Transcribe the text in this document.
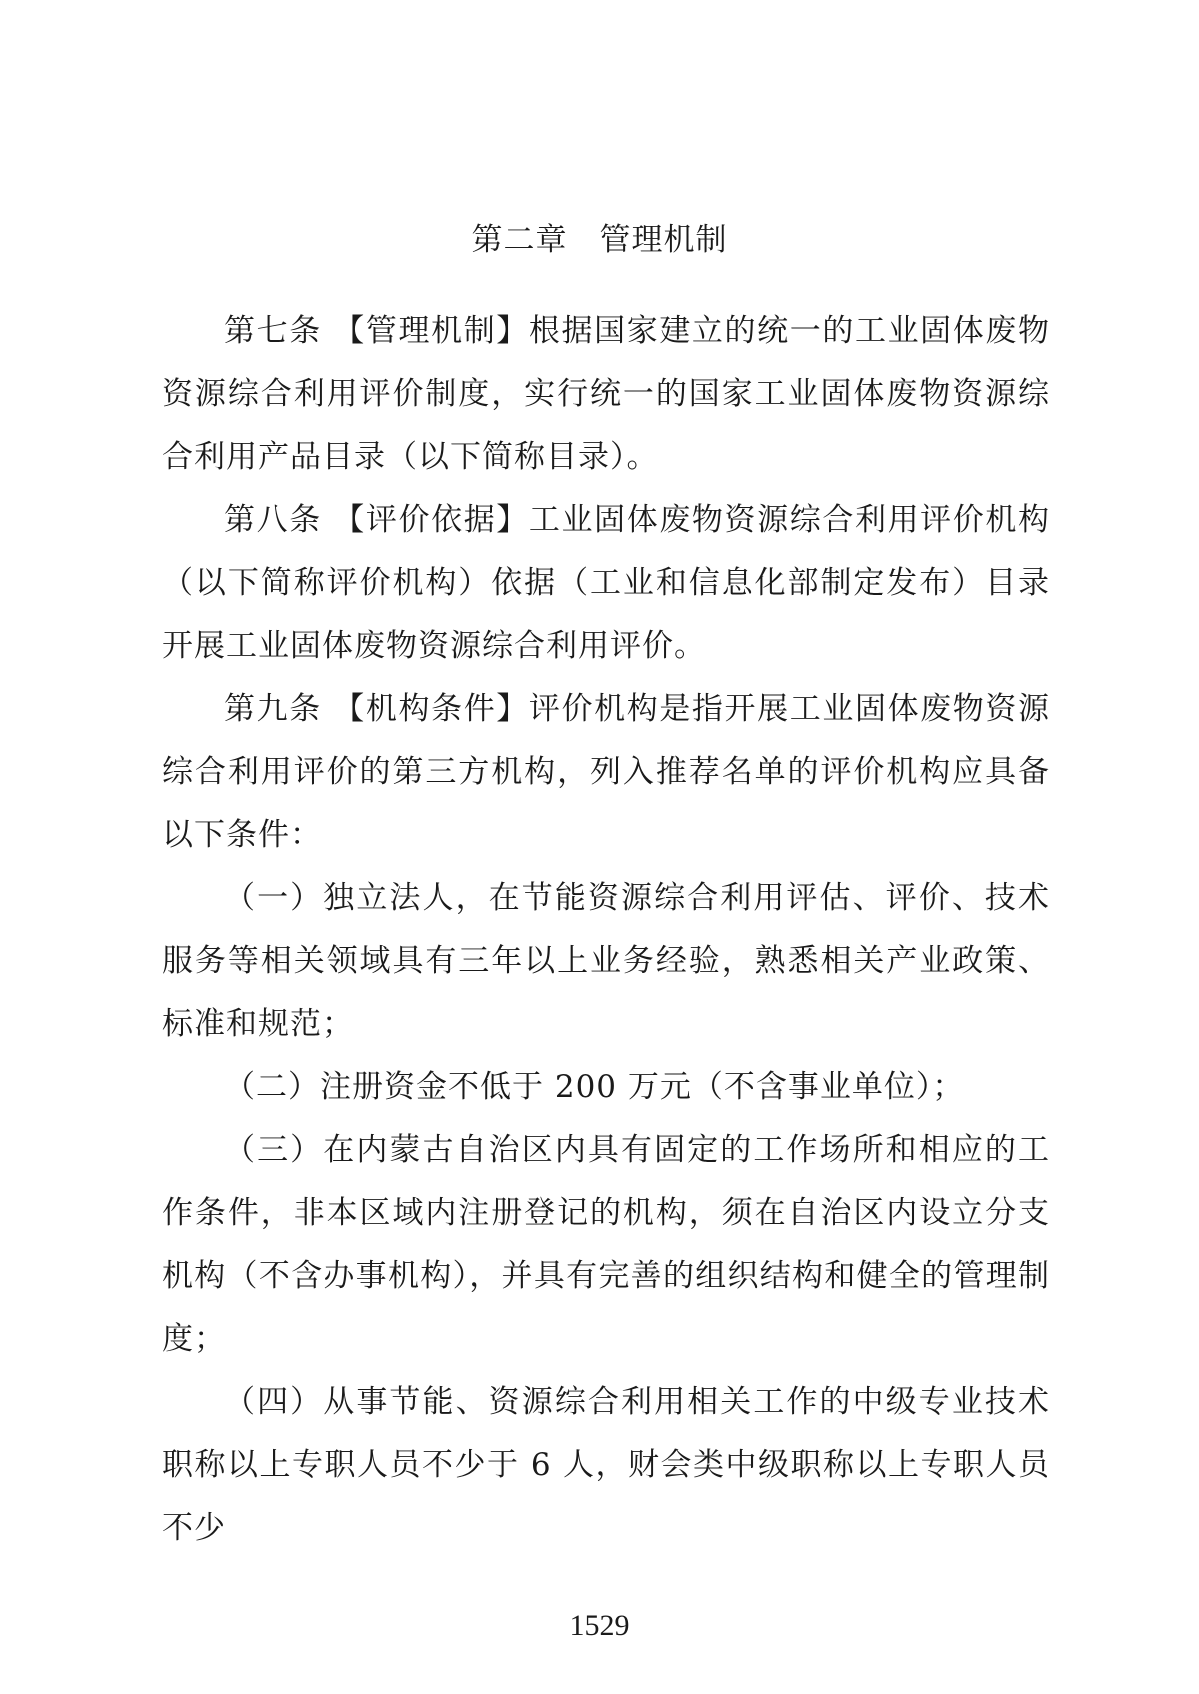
第二章　管理机制

第七条 【管理机制】根据国家建立的统一的工业固体废物资源综合利用评价制度，实行统一的国家工业固体废物资源综合利用产品目录（以下简称目录）。

第八条 【评价依据】工业固体废物资源综合利用评价机构（以下简称评价机构）依据（工业和信息化部制定发布）目录开展工业固体废物资源综合利用评价。

第九条 【机构条件】评价机构是指开展工业固体废物资源综合利用评价的第三方机构，列入推荐名单的评价机构应具备以下条件：

（一）独立法人，在节能资源综合利用评估、评价、技术服务等相关领域具有三年以上业务经验，熟悉相关产业政策、标准和规范；

（二）注册资金不低于 200 万元（不含事业单位）；

（三）在内蒙古自治区内具有固定的工作场所和相应的工作条件，非本区域内注册登记的机构，须在自治区内设立分支机构（不含办事机构），并具有完善的组织结构和健全的管理制度；

（四）从事节能、资源综合利用相关工作的中级专业技术职称以上专职人员不少于 6 人，财会类中级职称以上专职人员不少

1529
